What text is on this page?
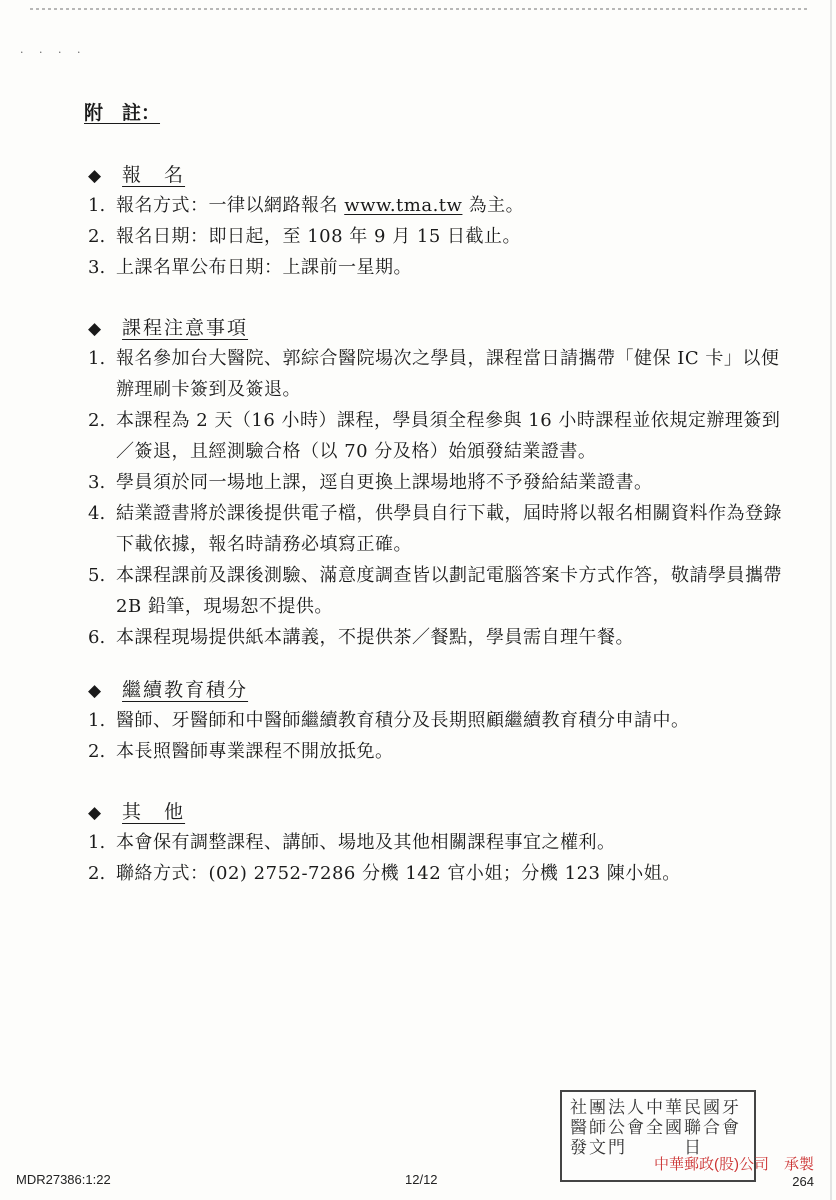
· · · ·
附　註：
◆ 報　名
1. 報名方式：一律以網路報名 www.tma.tw 為主。
2. 報名日期：即日起，至 108 年 9 月 15 日截止。
3. 上課名單公布日期：上課前一星期。
◆ 課程注意事項
1. 報名參加台大醫院、郭綜合醫院場次之學員，課程當日請攜帶「健保 IC 卡」以便辦理刷卡簽到及簽退。
2. 本課程為 2 天（16 小時）課程，學員須全程參與 16 小時課程並依規定辦理簽到／簽退，且經測驗合格（以 70 分及格）始頒發結業證書。
3. 學員須於同一場地上課，逕自更換上課場地將不予發給結業證書。
4. 結業證書將於課後提供電子檔，供學員自行下載，屆時將以報名相關資料作為登錄下載依據，報名時請務必填寫正確。
5. 本課程課前及課後測驗、滿意度調查皆以劃記電腦答案卡方式作答，敬請學員攜帶 2B 鉛筆，現場恕不提供。
6. 本課程現場提供紙本講義，不提供茶／餐點，學員需自理午餐。
◆ 繼續教育積分
1. 醫師、牙醫師和中醫師繼續教育積分及長期照顧繼續教育積分申請中。
2. 本長照醫師專業課程不開放抵免。
◆ 其　他
1. 本會保有調整課程、講師、場地及其他相關課程事宜之權利。
2. 聯絡方式：(02) 2752-7286 分機 142 官小姐；分機 123 陳小姐。
社團法人中華民國牙
醫師公會全國聯合會
發文門　　　日
MDR27386:1:22	12/12
中華郵政(股)公司　承製
264
